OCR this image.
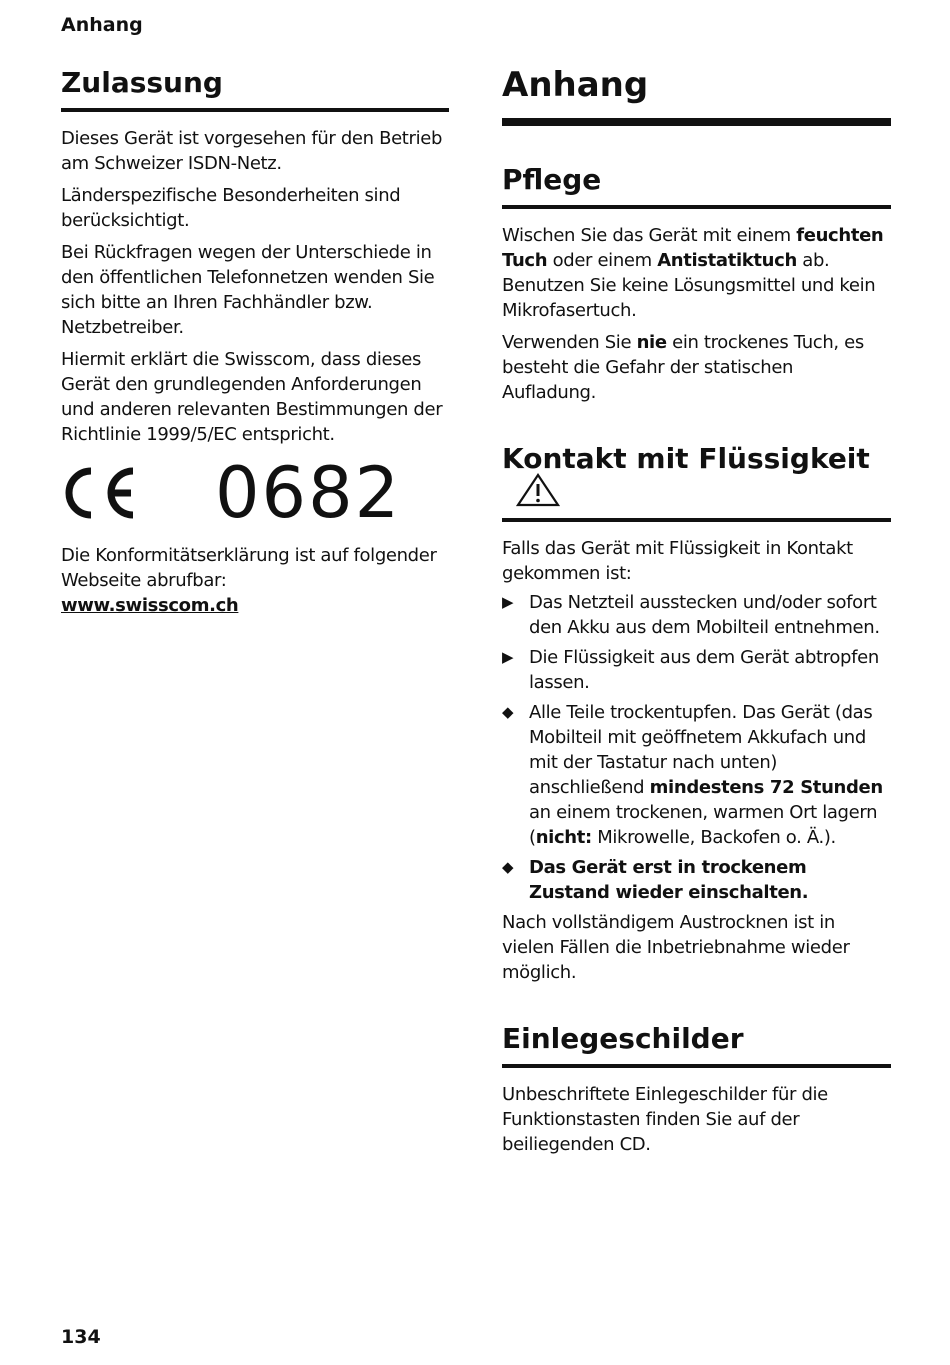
Anhang
Zulassung

Dieses Gerät ist vorgesehen für den Betrieb am Schweizer ISDN-Netz.

Länderspezifische Besonderheiten sind berücksichtigt.

Bei Rückfragen wegen der Unterschiede in den öffentlichen Telefonnetzen wenden Sie sich bitte an Ihren Fachhändler bzw. Netzbetreiber.

Hiermit erklärt die Swisscom, dass dieses Gerät den grundlegenden Anforderungen und anderen relevanten Bestimmungen der Richtlinie 1999/5/EC entspricht.

0682

Die Konformitätserklärung ist auf folgender Webseite abrufbar:

www.swisscom.ch

Anhang
Pflege

Wischen Sie das Gerät mit einem feuchten Tuch oder einem Antistatiktuch ab. Benutzen Sie keine Lösungsmittel und kein Mikrofasertuch.

Verwenden Sie nie ein trockenes Tuch, es besteht die Gefahr der statischen Aufladung.

Kontakt mit Flüssigkeit

Falls das Gerät mit Flüssigkeit in Kontakt gekommen ist:

▶ Das Netzteil ausstecken und/oder sofort den Akku aus dem Mobilteil entnehmen.
▶ Die Flüssigkeit aus dem Gerät abtropfen lassen.
◆ Alle Teile trockentupfen. Das Gerät (das Mobilteil mit geöffnetem Akkufach und mit der Tastatur nach unten) anschließend mindestens 72 Stunden an einem trockenen, warmen Ort lagern (nicht: Mikrowelle, Backofen o. Ä.).
◆ Das Gerät erst in trockenem Zustand wieder einschalten.

Nach vollständigem Austrocknen ist in vielen Fällen die Inbetriebnahme wieder möglich.

Einlegeschilder

Unbeschriftete Einlegeschilder für die Funktionstasten finden Sie auf der beiliegenden CD.

134
